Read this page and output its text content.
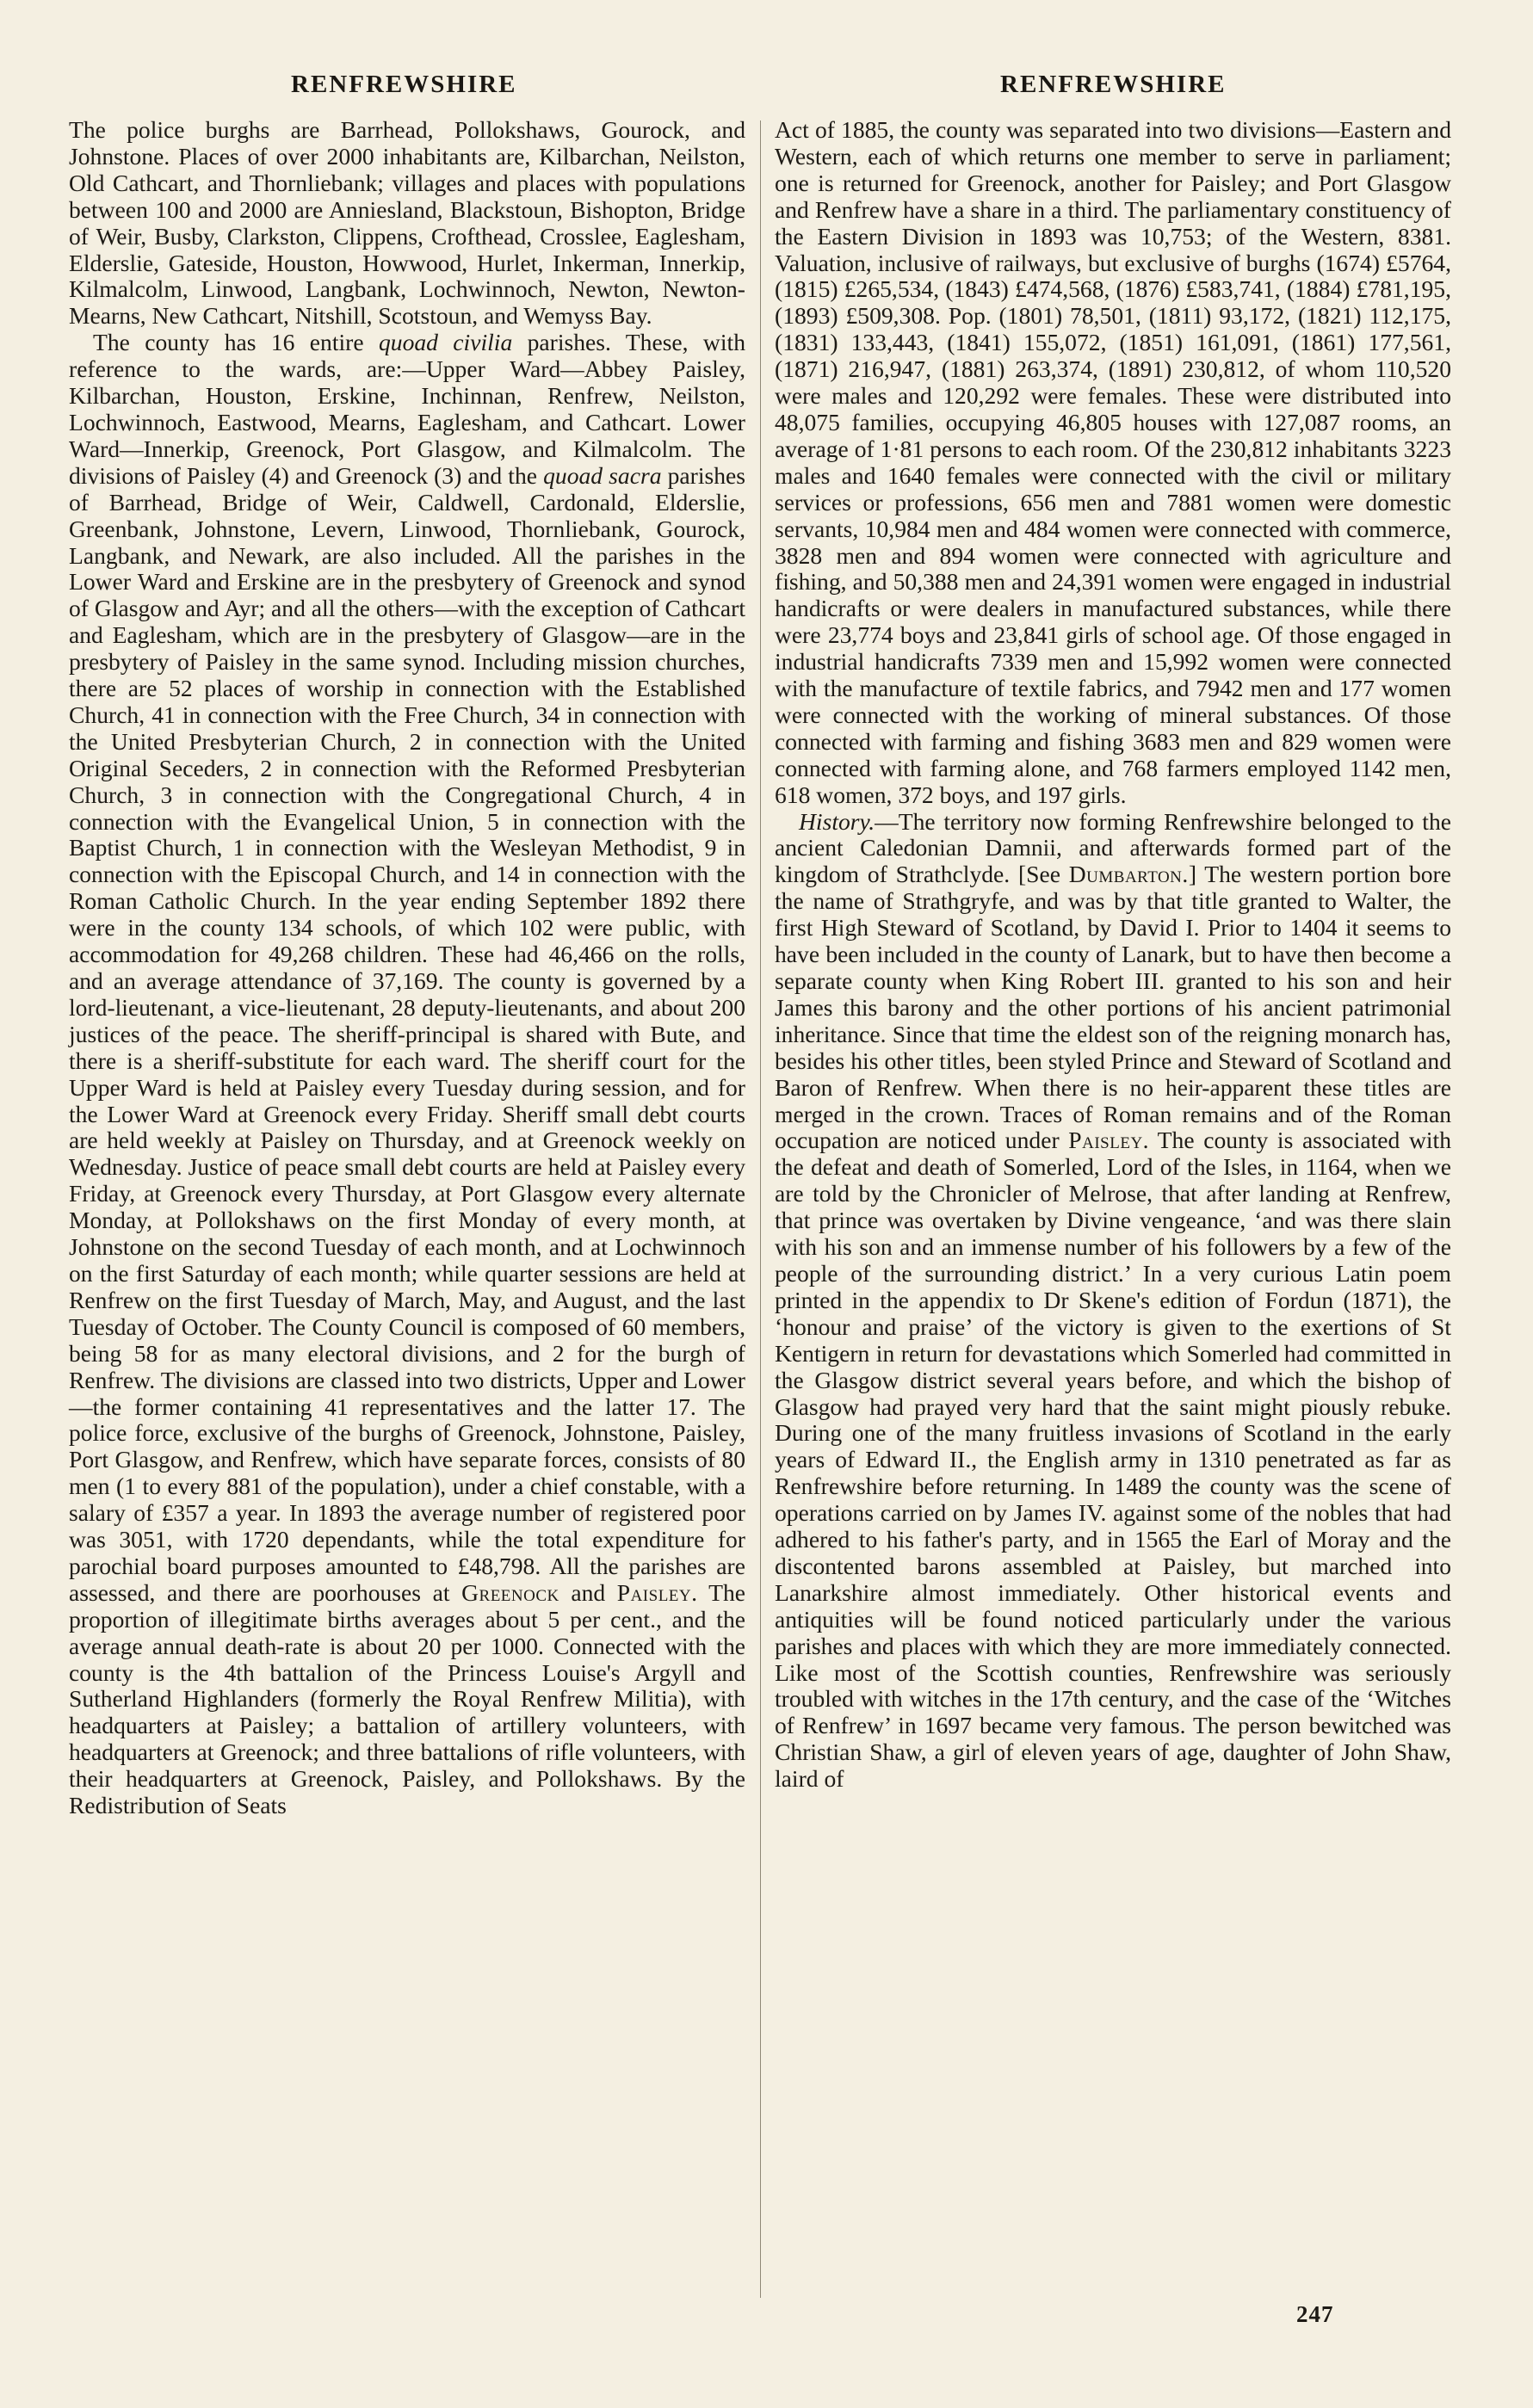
RENFREWSHIRE	RENFREWSHIRE

The police burghs are Barrhead, Pollokshaws, Gourock, and Johnstone. Places of over 2000 inhabitants are, Kilbarchan, Neilston, Old Cathcart, and Thornliebank; villages and places with populations between 100 and 2000 are Anniesland, Blackstoun, Bishopton, Bridge of Weir, Busby, Clarkston, Clippens, Crofthead, Crosslee, Eaglesham, Elderslie, Gateside, Houston, Howwood, Hurlet, Inkerman, Innerkip, Kilmalcolm, Linwood, Langbank, Lochwinnoch, Newton, Newton-Mearns, New Cathcart, Nitshill, Scotstoun, and Wemyss Bay.

The county has 16 entire quoad civilia parishes. These, with reference to the wards, are:—Upper Ward—Abbey Paisley, Kilbarchan, Houston, Erskine, Inchinnan, Renfrew, Neilston, Lochwinnoch, Eastwood, Mearns, Eaglesham, and Cathcart. Lower Ward—Innerkip, Greenock, Port Glasgow, and Kilmalcolm. The divisions of Paisley (4) and Greenock (3) and the quoad sacra parishes of Barrhead, Bridge of Weir, Caldwell, Cardonald, Elderslie, Greenbank, Johnstone, Levern, Linwood, Thornliebank, Gourock, Langbank, and Newark, are also included. All the parishes in the Lower Ward and Erskine are in the presbytery of Greenock and synod of Glasgow and Ayr; and all the others—with the exception of Cathcart and Eaglesham, which are in the presbytery of Glasgow—are in the presbytery of Paisley in the same synod. Including mission churches, there are 52 places of worship in connection with the Established Church, 41 in connection with the Free Church, 34 in connection with the United Presbyterian Church, 2 in connection with the United Original Seceders, 2 in connection with the Reformed Presbyterian Church, 3 in connection with the Congregational Church, 4 in connection with the Evangelical Union, 5 in connection with the Baptist Church, 1 in connection with the Wesleyan Methodist, 9 in connection with the Episcopal Church, and 14 in connection with the Roman Catholic Church. In the year ending September 1892 there were in the county 134 schools, of which 102 were public, with accommodation for 49,268 children. These had 46,466 on the rolls, and an average attendance of 37,169. The county is governed by a lord-lieutenant, a vice-lieutenant, 28 deputy-lieutenants, and about 200 justices of the peace. The sheriff-principal is shared with Bute, and there is a sheriff-substitute for each ward. The sheriff court for the Upper Ward is held at Paisley every Tuesday during session, and for the Lower Ward at Greenock every Friday. Sheriff small debt courts are held weekly at Paisley on Thursday, and at Greenock weekly on Wednesday. Justice of peace small debt courts are held at Paisley every Friday, at Greenock every Thursday, at Port Glasgow every alternate Monday, at Pollokshaws on the first Monday of every month, at Johnstone on the second Tuesday of each month, and at Lochwinnoch on the first Saturday of each month; while quarter sessions are held at Renfrew on the first Tuesday of March, May, and August, and the last Tuesday of October. The County Council is composed of 60 members, being 58 for as many electoral divisions, and 2 for the burgh of Renfrew. The divisions are classed into two districts, Upper and Lower—the former containing 41 representatives and the latter 17. The police force, exclusive of the burghs of Greenock, Johnstone, Paisley, Port Glasgow, and Renfrew, which have separate forces, consists of 80 men (1 to every 881 of the population), under a chief constable, with a salary of £357 a year. In 1893 the average number of registered poor was 3051, with 1720 dependants, while the total expenditure for parochial board purposes amounted to £48,798. All the parishes are assessed, and there are poorhouses at Greenock and Paisley. The proportion of illegitimate births averages about 5 per cent., and the average annual death-rate is about 20 per 1000. Connected with the county is the 4th battalion of the Princess Louise's Argyll and Sutherland Highlanders (formerly the Royal Renfrew Militia), with headquarters at Paisley; a battalion of artillery volunteers, with headquarters at Greenock; and three battalions of rifle volunteers, with their headquarters at Greenock, Paisley, and Pollokshaws. By the Redistribution of Seats

Act of 1885, the county was separated into two divisions—Eastern and Western, each of which returns one member to serve in parliament; one is returned for Greenock, another for Paisley; and Port Glasgow and Renfrew have a share in a third. The parliamentary constituency of the Eastern Division in 1893 was 10,753; of the Western, 8381. Valuation, inclusive of railways, but exclusive of burghs (1674) £5764, (1815) £265,534, (1843) £474,568, (1876) £583,741, (1884) £781,195, (1893) £509,308. Pop. (1801) 78,501, (1811) 93,172, (1821) 112,175, (1831) 133,443, (1841) 155,072, (1851) 161,091, (1861) 177,561, (1871) 216,947, (1881) 263,374, (1891) 230,812, of whom 110,520 were males and 120,292 were females. These were distributed into 48,075 families, occupying 46,805 houses with 127,087 rooms, an average of 1·81 persons to each room. Of the 230,812 inhabitants 3223 males and 1640 females were connected with the civil or military services or professions, 656 men and 7881 women were domestic servants, 10,984 men and 484 women were connected with commerce, 3828 men and 894 women were connected with agriculture and fishing, and 50,388 men and 24,391 women were engaged in industrial handicrafts or were dealers in manufactured substances, while there were 23,774 boys and 23,841 girls of school age. Of those engaged in industrial handicrafts 7339 men and 15,992 women were connected with the manufacture of textile fabrics, and 7942 men and 177 women were connected with the working of mineral substances. Of those connected with farming and fishing 3683 men and 829 women were connected with farming alone, and 768 farmers employed 1142 men, 618 women, 372 boys, and 197 girls.

History.—The territory now forming Renfrewshire belonged to the ancient Caledonian Damnii, and afterwards formed part of the kingdom of Strathclyde. [See Dumbarton.] The western portion bore the name of Strathgryfe, and was by that title granted to Walter, the first High Steward of Scotland, by David I. Prior to 1404 it seems to have been included in the county of Lanark, but to have then become a separate county when King Robert III. granted to his son and heir James this barony and the other portions of his ancient patrimonial inheritance. Since that time the eldest son of the reigning monarch has, besides his other titles, been styled Prince and Steward of Scotland and Baron of Renfrew. When there is no heir-apparent these titles are merged in the crown. Traces of Roman remains and of the Roman occupation are noticed under Paisley. The county is associated with the defeat and death of Somerled, Lord of the Isles, in 1164, when we are told by the Chronicler of Melrose, that after landing at Renfrew, that prince was overtaken by Divine vengeance, ‘and was there slain with his son and an immense number of his followers by a few of the people of the surrounding district.’ In a very curious Latin poem printed in the appendix to Dr Skene's edition of Fordun (1871), the ‘honour and praise’ of the victory is given to the exertions of St Kentigern in return for devastations which Somerled had committed in the Glasgow district several years before, and which the bishop of Glasgow had prayed very hard that the saint might piously rebuke. During one of the many fruitless invasions of Scotland in the early years of Edward II., the English army in 1310 penetrated as far as Renfrewshire before returning. In 1489 the county was the scene of operations carried on by James IV. against some of the nobles that had adhered to his father's party, and in 1565 the Earl of Moray and the discontented barons assembled at Paisley, but marched into Lanarkshire almost immediately. Other historical events and antiquities will be found noticed particularly under the various parishes and places with which they are more immediately connected. Like most of the Scottish counties, Renfrewshire was seriously troubled with witches in the 17th century, and the case of the ‘Witches of Renfrew’ in 1697 became very famous. The person bewitched was Christian Shaw, a girl of eleven years of age, daughter of John Shaw, laird of

247
